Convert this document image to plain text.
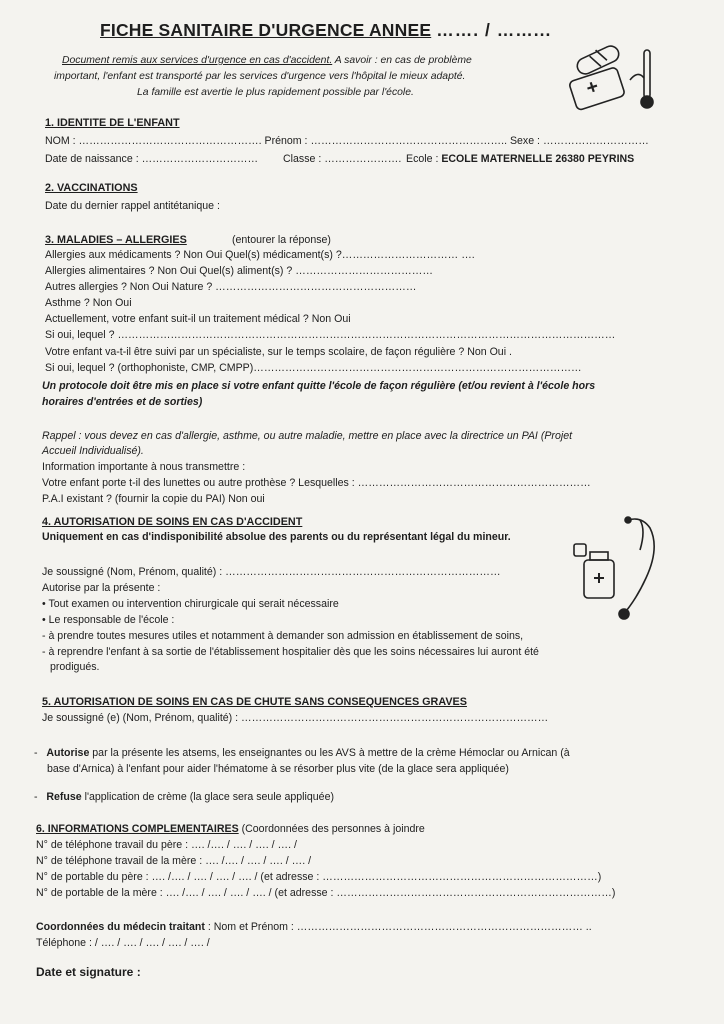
FICHE SANITAIRE D'URGENCE ANNEE ……. / ……...
Document remis aux services d'urgence en cas d'accident. A savoir : en cas de problème
important, l'enfant est transporté par les services d'urgence vers l'hôpital le mieux adapté.
La famille est avertie le plus rapidement possible par l'école.
1. IDENTITE DE L'ENFANT
NOM : ……………………………………………. Prénom : ……………………………………………….. Sexe : …………………………
Date de naissance : …………………………… Classe : …………………. Ecole : ECOLE MATERNELLE 26380 PEYRINS
2. VACCINATIONS
Date du dernier rappel antitétanique :
3. MALADIES – ALLERGIES	(entourer la réponse)
Allergies aux médicaments ? Non Oui Quel(s) médicament(s) ?…………………………… ….
Allergies alimentaires ? Non Oui Quel(s) aliment(s) ? …………………………………
Autres allergies ? Non Oui Nature ? …………………………………………………
Asthme ? Non Oui
Actuellement, votre enfant suit-il un traitement médical ? Non Oui
Si oui, lequel ? ……………………………………………………………………………………………………………………………
Votre enfant va-t-il être suivi par un spécialiste, sur le temps scolaire, de façon régulière ? Non Oui .
Si oui, lequel ? (orthophoniste, CMP, CMPP)…………………………………………………………………………………
Un protocole doit être mis en place si votre enfant quitte l'école de façon régulière (et/ou revient à l'école hors
horaires d'entrées et de sorties)
Rappel : vous devez en cas d'allergie, asthme, ou autre maladie, mettre en place avec la directrice un PAI (Projet
Accueil Individualisé).
Information importante à nous transmettre :
Votre enfant porte t-il des lunettes ou autre prothèse ? Lesquelles : …………………………………………………………
P.A.I existant ? (fournir la copie du PAI) Non oui
4. AUTORISATION DE SOINS EN CAS D'ACCIDENT
Uniquement en cas d'indisponibilité absolue des parents ou du représentant légal du mineur.
Je soussigné (Nom, Prénom, qualité) : ……………………………………………………………………
Autorise par la présente :
• Tout examen ou intervention chirurgicale qui serait nécessaire
• Le responsable de l'école :
- à prendre toutes mesures utiles et notamment à demander son admission en établissement de soins,
- à reprendre l'enfant à sa sortie de l'établissement hospitalier dès que les soins nécessaires lui auront été
prodigués.
5. AUTORISATION DE SOINS EN CAS DE CHUTE SANS CONSEQUENCES GRAVES
Je soussigné (e) (Nom, Prénom, qualité) : ……………………………………………………………………………
-   Autorise par la présente les atsems, les enseignantes ou les AVS à mettre de la crème Hémoclar ou Arnican (à
base d'Arnica) à l'enfant pour aider l'hématome à se résorber plus vite (de la glace sera appliquée)
-   Refuse l'application de crème (la glace sera seule appliquée)
6. INFORMATIONS COMPLEMENTAIRES (Coordonnées des personnes à joindre
N° de téléphone travail du père : …. /…. / …. / …. / …. /
N° de téléphone travail de la mère : …. /…. / …. / …. / …. /
N° de portable du père : …. /…. / …. / …. / …. / (et adresse : ……………………………………………………………………)
N° de portable de la mère : …. /…. / …. / …. / …. / (et adresse : ……………………………………………………………………)
Coordonnées du médecin traitant : Nom et Prénom : ……………………………………………………………………… ..
Téléphone : / …. / …. / …. / …. / …. /
Date et signature :
